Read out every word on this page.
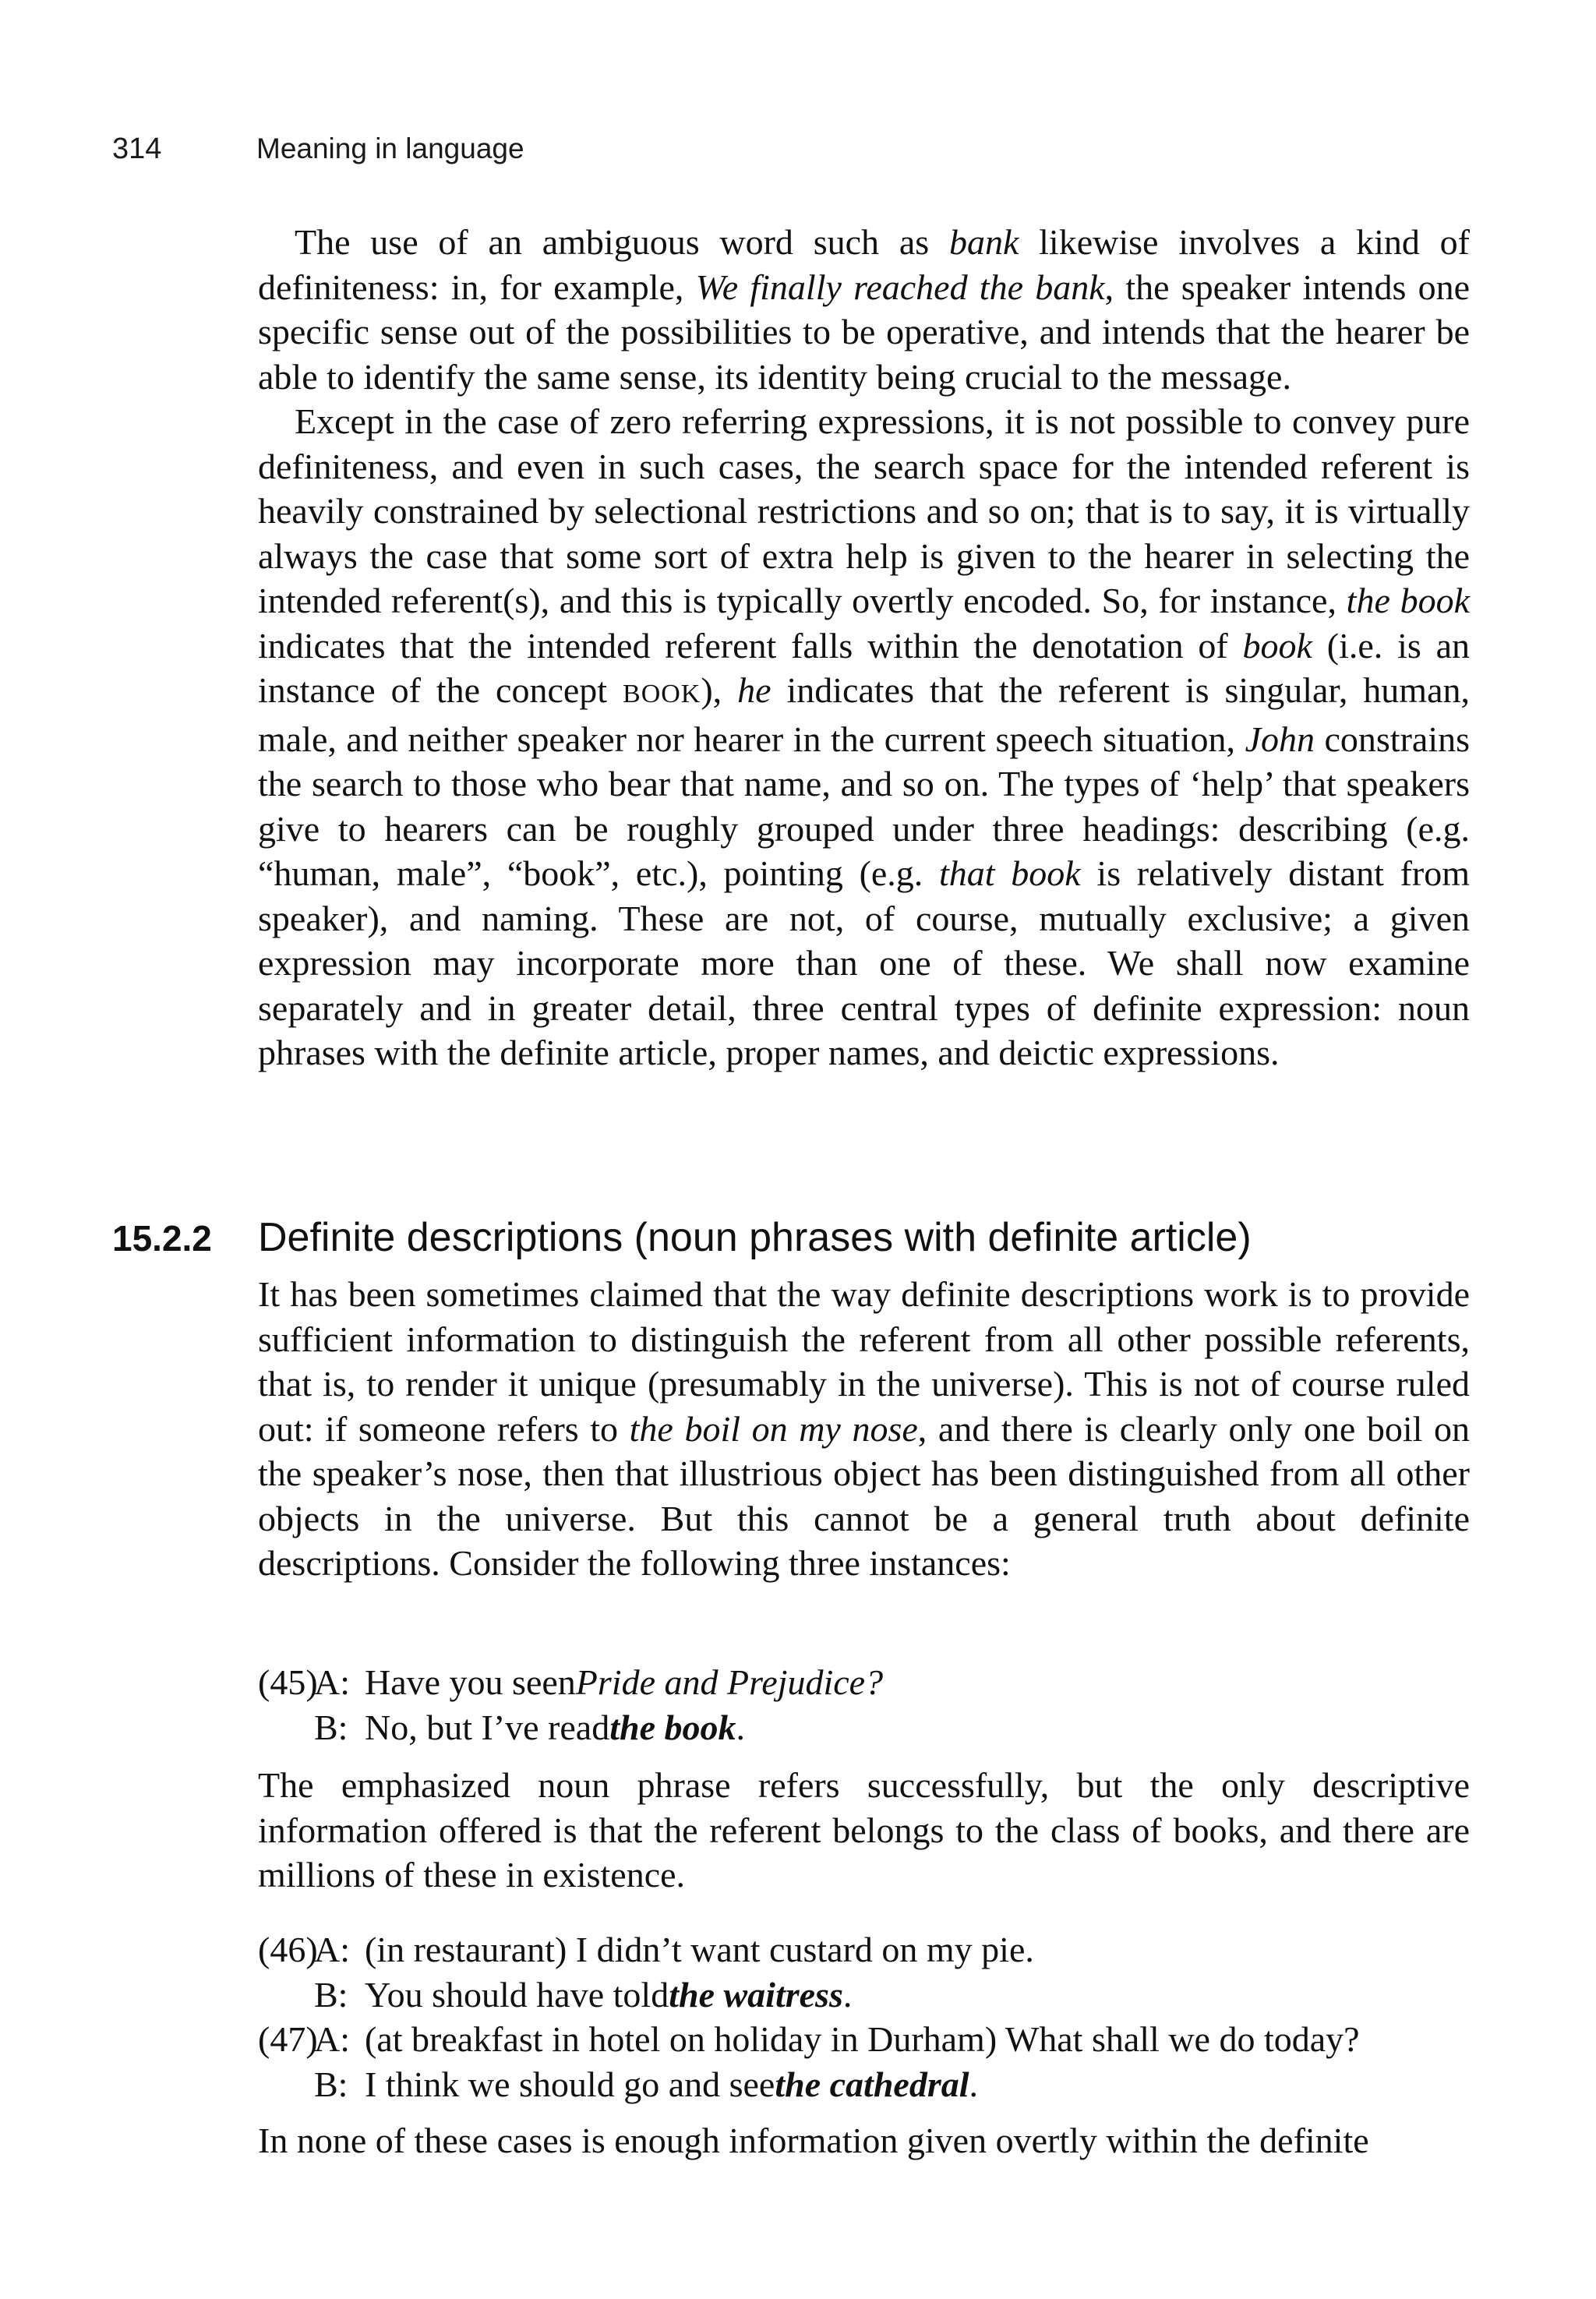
314	Meaning in language

The use of an ambiguous word such as bank likewise involves a kind of definiteness: in, for example, We finally reached the bank, the speaker intends one specific sense out of the possibilities to be operative, and intends that the hearer be able to identify the same sense, its identity being crucial to the message.

Except in the case of zero referring expressions, it is not possible to convey pure definiteness, and even in such cases, the search space for the intended referent is heavily constrained by selectional restrictions and so on; that is to say, it is virtually always the case that some sort of extra help is given to the hearer in selecting the intended referent(s), and this is typically overtly encoded. So, for instance, the book indicates that the intended referent falls within the denotation of book (i.e. is an instance of the concept BOOK), he indicates that the referent is singular, human, male, and neither speaker nor hearer in the current speech situation, John constrains the search to those who bear that name, and so on. The types of ‘help’ that speakers give to hearers can be roughly grouped under three headings: describing (e.g. “human, male”, “book”, etc.), pointing (e.g. that book is relatively distant from speaker), and naming. These are not, of course, mutually exclusive; a given expression may incorporate more than one of these. We shall now examine separately and in greater detail, three central types of definite expression: noun phrases with the definite article, proper names, and deictic expressions.

15.2.2 Definite descriptions (noun phrases with definite article)

It has been sometimes claimed that the way definite descriptions work is to provide sufficient information to distinguish the referent from all other possible referents, that is, to render it unique (presumably in the universe). This is not of course ruled out: if someone refers to the boil on my nose, and there is clearly only one boil on the speaker’s nose, then that illustrious object has been distinguished from all other objects in the universe. But this cannot be a general truth about definite descriptions. Consider the following three instances:

(45)
A: Have you seen Pride and Prejudice?
B: No, but I’ve read the book .

The emphasized noun phrase refers successfully, but the only descriptive information offered is that the referent belongs to the class of books, and there are millions of these in existence.

(46)
A: (in restaurant) I didn’t want custard on my pie.
B: You should have told the waitress .
(47)
A: (at breakfast in hotel on holiday in Durham) What shall we do today?
B: I think we should go and see the cathedral .

In none of these cases is enough information given overtly within the definite
